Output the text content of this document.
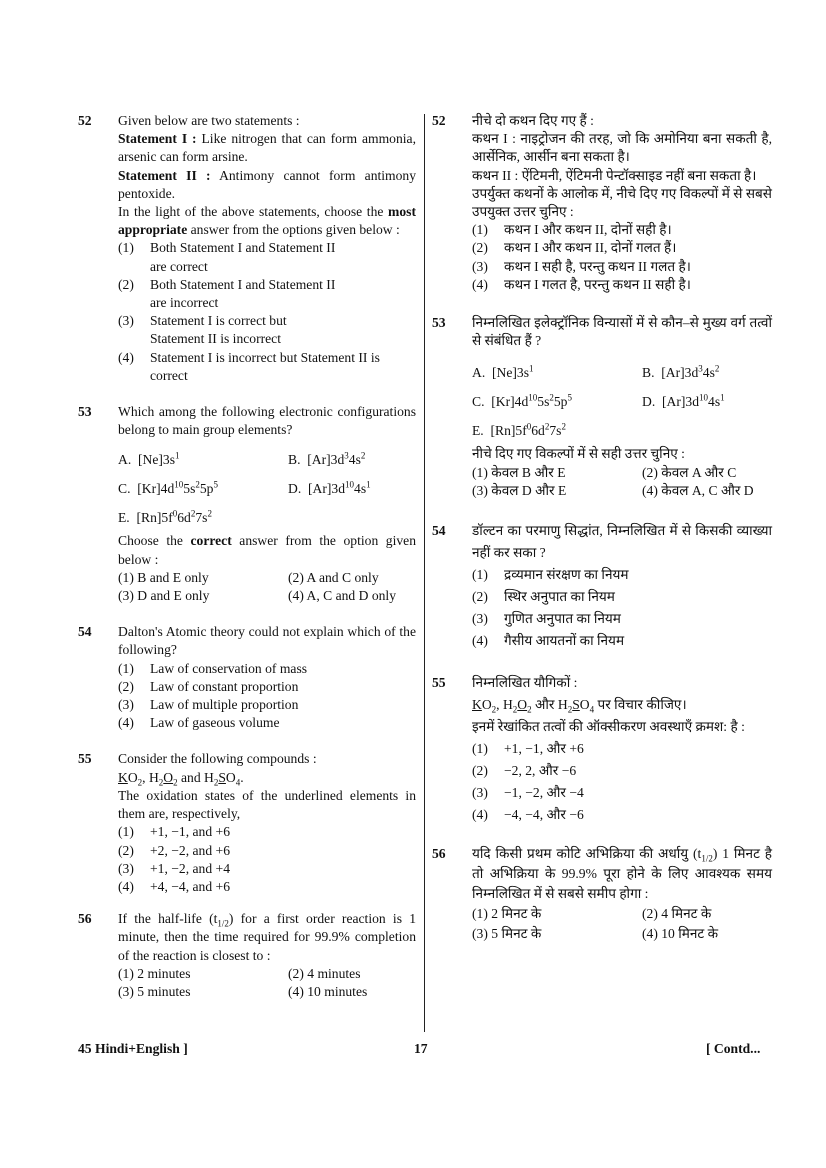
52 Given below are two statements :

Statement I : Like nitrogen that can form ammonia, arsenic can form arsine.

Statement II : Antimony cannot form antimony pentoxide.

In the light of the above statements, choose the most appropriate answer from the options given below :

(1)	Both Statement I and Statement II
are correct
(2)	Both Statement I and Statement II
are incorrect
(3)	Statement I is correct but
Statement II is incorrect
(4)	Statement I is incorrect but Statement II is
correct
53 Which among the following electronic configurations belong to main group elements?

A.  $[Ne]3s^1$	B.  $[Ar]3d^34s^2$
C.  $[Kr]4d^{10}5s^25p^5$	D.  $[Ar]3d^{10}4s^1$
E.  $[Rn]5f^06d^27s^2$

Choose the correct answer from the option given below :

(1) B and E only	(2) A and C only
(3) D and E only	(4) A, C and D only
54 Dalton's Atomic theory could not explain which of the following?

(1)	Law of conservation of mass
(2)	Law of constant proportion
(3)	Law of multiple proportion
(4)	Law of gaseous volume
55 Consider the following compounds :

$KO_2$, $H_2O_2$ and $H_2SO_4$.

The oxidation states of the underlined elements in them are, respectively,

(1)	+1, −1, and +6
(2)	+2, −2, and +6
(3)	+1, −2, and +4
(4)	+4, −4, and +6
56 If the half-life $(t_{1/2})$ for a first order reaction is 1 minute, then the time required for 99.9% completion of the reaction is closest to :

(1) 2 minutes	(2) 4 minutes
(3) 5 minutes	(4) 10 minutes
52 नीचे दो कथन दिए गए हैं :

कथन I : नाइट्रोजन की तरह, जो कि अमोनिया बना सकती है, आर्सेनिक, आर्सीन बना सकता है।

कथन II : ऐंटिमनी, ऐंटिमनी पेन्टॉक्साइड नहीं बना सकता है।

उपर्युक्त कथनों के आलोक में, नीचे दिए गए विकल्पों में से सबसे उपयुक्त उत्तर चुनिए :

(1)	कथन I और कथन II, दोनों सही है।
(2)	कथन I और कथन II, दोनों गलत हैं।
(3)	कथन I सही है, परन्तु कथन II गलत है।
(4)	कथन I गलत है, परन्तु कथन II सही है।
53 निम्नलिखित इलेक्ट्रॉनिक विन्यासों में से कौन–से मुख्य वर्ग तत्वों से संबंधित हैं ?

A.  $[Ne]3s^1$	B.  $[Ar]3d^34s^2$
C.  $[Kr]4d^{10}5s^25p^5$	D.  $[Ar]3d^{10}4s^1$
E.  $[Rn]5f^06d^27s^2$

नीचे दिए गए विकल्पों में से सही उत्तर चुनिए :

(1) केवल B और E	(2) केवल A और C
(3) केवल D और E	(4) केवल A, C और D
54 डॉल्टन का परमाणु सिद्धांत, निम्नलिखित में से किसकी व्याख्या नहीं कर सका ?

(1)	द्रव्यमान संरक्षण का नियम
(2)	स्थिर अनुपात का नियम
(3)	गुणित अनुपात का नियम
(4)	गैसीय आयतनों का नियम
55 निम्नलिखित यौगिकों :

$KO_2$, $H_2O_2$ और $H_2SO_4$ पर विचार कीजिए।

इनमें रेखांकित तत्वों की ऑक्सीकरण अवस्थाएँ क्रमश: है :

(1)	+1, −1, और +6
(2)	−2, 2, और −6
(3)	−1, −2, और −4
(4)	−4, −4, और −6
56 यदि किसी प्रथम कोटि अभिक्रिया की अर्धायु $(t_{1/2})$ 1 मिनट है तो अभिक्रिया के 99.9% पूरा होने के लिए आवश्यक समय निम्नलिखित में से सबसे समीप होगा :

(1) 2 मिनट के	(2) 4 मिनट के
(3) 5 मिनट के	(4) 10 मिनट के
45 Hindi+English ]	17	[ Contd...
